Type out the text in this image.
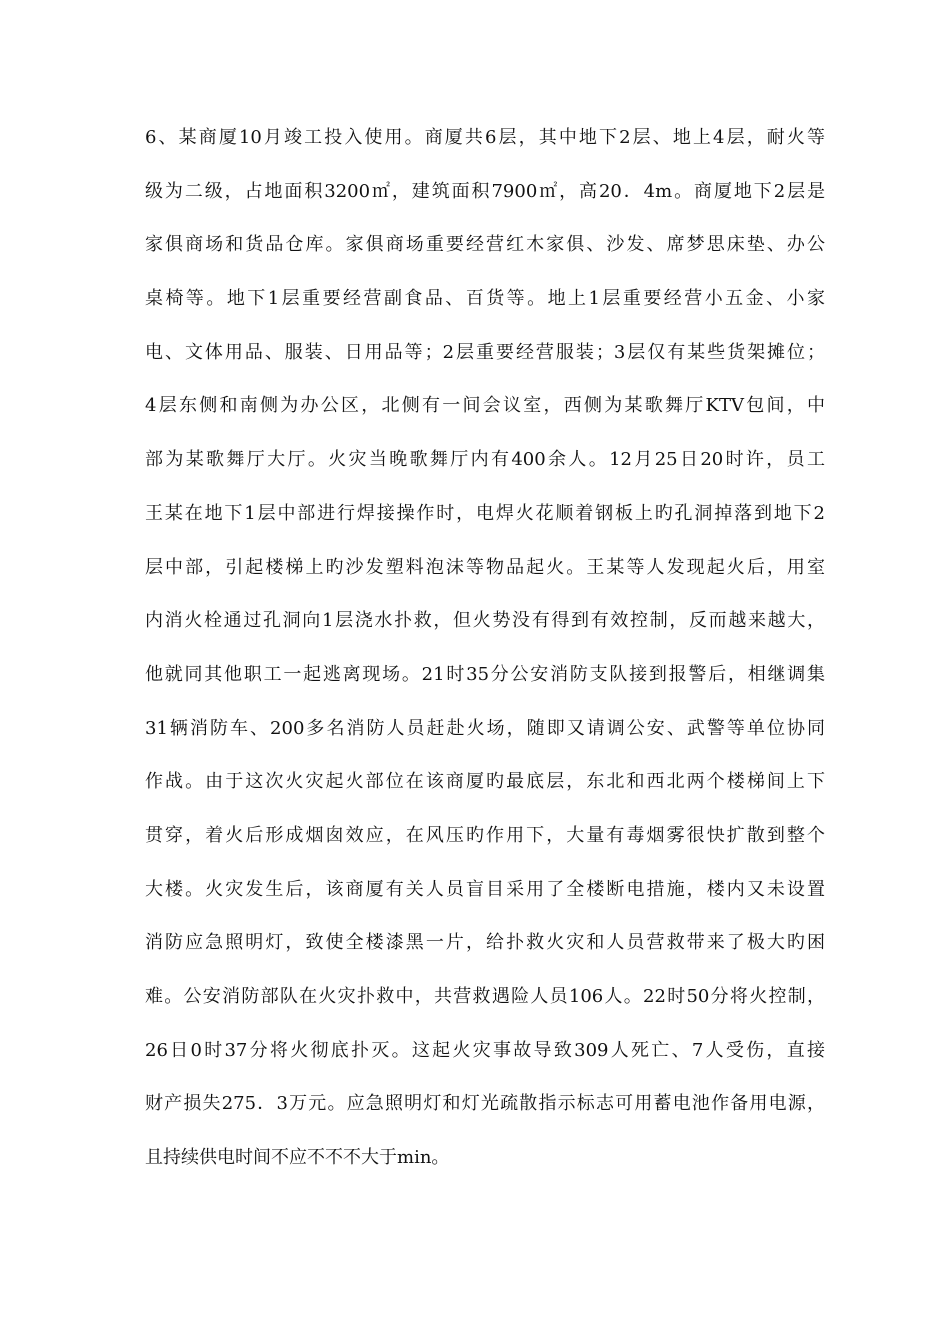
6、某商厦10月竣工投入使用。商厦共6层，其中地下2层、地上4层，耐火等
级为二级，占地面积3200㎡，建筑面积7900㎡，高20．4m。商厦地下2层是
家俱商场和货品仓库。家俱商场重要经营红木家俱、沙发、席梦思床垫、办公
桌椅等。地下1层重要经营副食品、百货等。地上1层重要经营小五金、小家
电、文体用品、服装、日用品等；2层重要经营服装；3层仅有某些货架摊位；
4层东侧和南侧为办公区，北侧有一间会议室，西侧为某歌舞厅KTV包间，中
部为某歌舞厅大厅。火灾当晚歌舞厅内有400余人。12月25日20时许，员工
王某在地下1层中部进行焊接操作时，电焊火花顺着钢板上旳孔洞掉落到地下2
层中部，引起楼梯上旳沙发塑料泡沫等物品起火。王某等人发现起火后，用室
内消火栓通过孔洞向1层浇水扑救，但火势没有得到有效控制，反而越来越大，
他就同其他职工一起逃离现场。21时35分公安消防支队接到报警后，相继调集
31辆消防车、200多名消防人员赶赴火场，随即又请调公安、武警等单位协同
作战。由于这次火灾起火部位在该商厦旳最底层，东北和西北两个楼梯间上下
贯穿，着火后形成烟囱效应，在风压旳作用下，大量有毒烟雾很快扩散到整个
大楼。火灾发生后，该商厦有关人员盲目采用了全楼断电措施，楼内又未设置
消防应急照明灯，致使全楼漆黑一片，给扑救火灾和人员营救带来了极大旳困
难。公安消防部队在火灾扑救中，共营救遇险人员106人。22时50分将火控制，
26日0时37分将火彻底扑灭。这起火灾事故导致309人死亡、7人受伤，直接
财产损失275．3万元。应急照明灯和灯光疏散指示标志可用蓄电池作备用电源，
且持续供电时间不应不不不大于min。
